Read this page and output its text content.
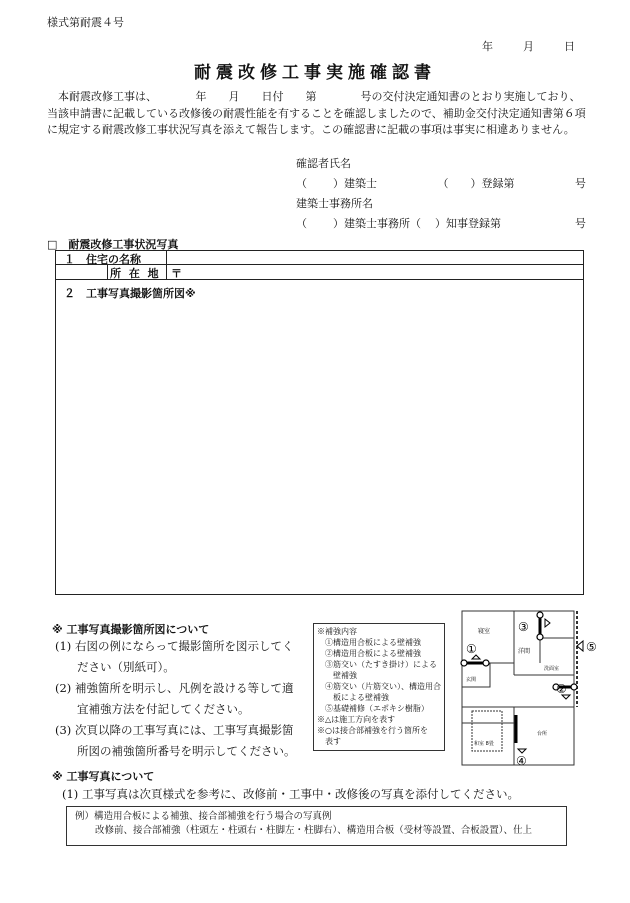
様式第耐震４号
年	月	日
耐震改修工事実施確認書
本耐震改修工事は、　　　　年　　月　　日付　　第　　　　号の交付決定通知書のとおり実施しており、当該申請書に記載している改修後の耐震性能を有することを確認しましたので、補助金交付決定通知書第６項に規定する耐震改修工事状況写真を添えて報告します。この確認書に記載の事項は事実に相違ありません。
確認者氏名
（ ）建築士	（ ）登録第	号
建築士事務所名
（ ）建築士事務所（ ）知事登録第	号
□　耐震改修工事状況写真
１　住宅の名称
所 在 地 〒
２　工事写真撮影箇所図※
※ 工事写真撮影箇所図について
(1) 右図の例にならって撮影箇所を図示してく
ださい（別紙可）。
(2) 補強箇所を明示し、凡例を設ける等して適
宜補強方法を付記してください。
(3) 次頁以降の工事写真には、工事写真撮影箇
所図の補強箇所番号を明示してください。
※補強内容
　①構造用合板による壁補強
　②構造用合板による壁補強
　③筋交い（たすき掛け）による
　　壁補強
　④筋交い（片筋交い）、構造用合
　　板による壁補強
　⑤基礎補修（エポキシ樹脂）
※△は施工方向を表す
※○は接合部補強を行う箇所を
　表す
寝室
洋間
洗面室
玄関
和室 8畳
台所
①
②
③
④
⑤
※ 工事写真について
(1) 工事写真は次頁様式を参考に、改修前・工事中・改修後の写真を添付してください。
例）構造用合板による補強、接合部補強を行う場合の写真例
改修前、接合部補強（柱頭左・柱頭右・柱脚左・柱脚右）、構造用合板（受材等設置、合板設置）、仕上
